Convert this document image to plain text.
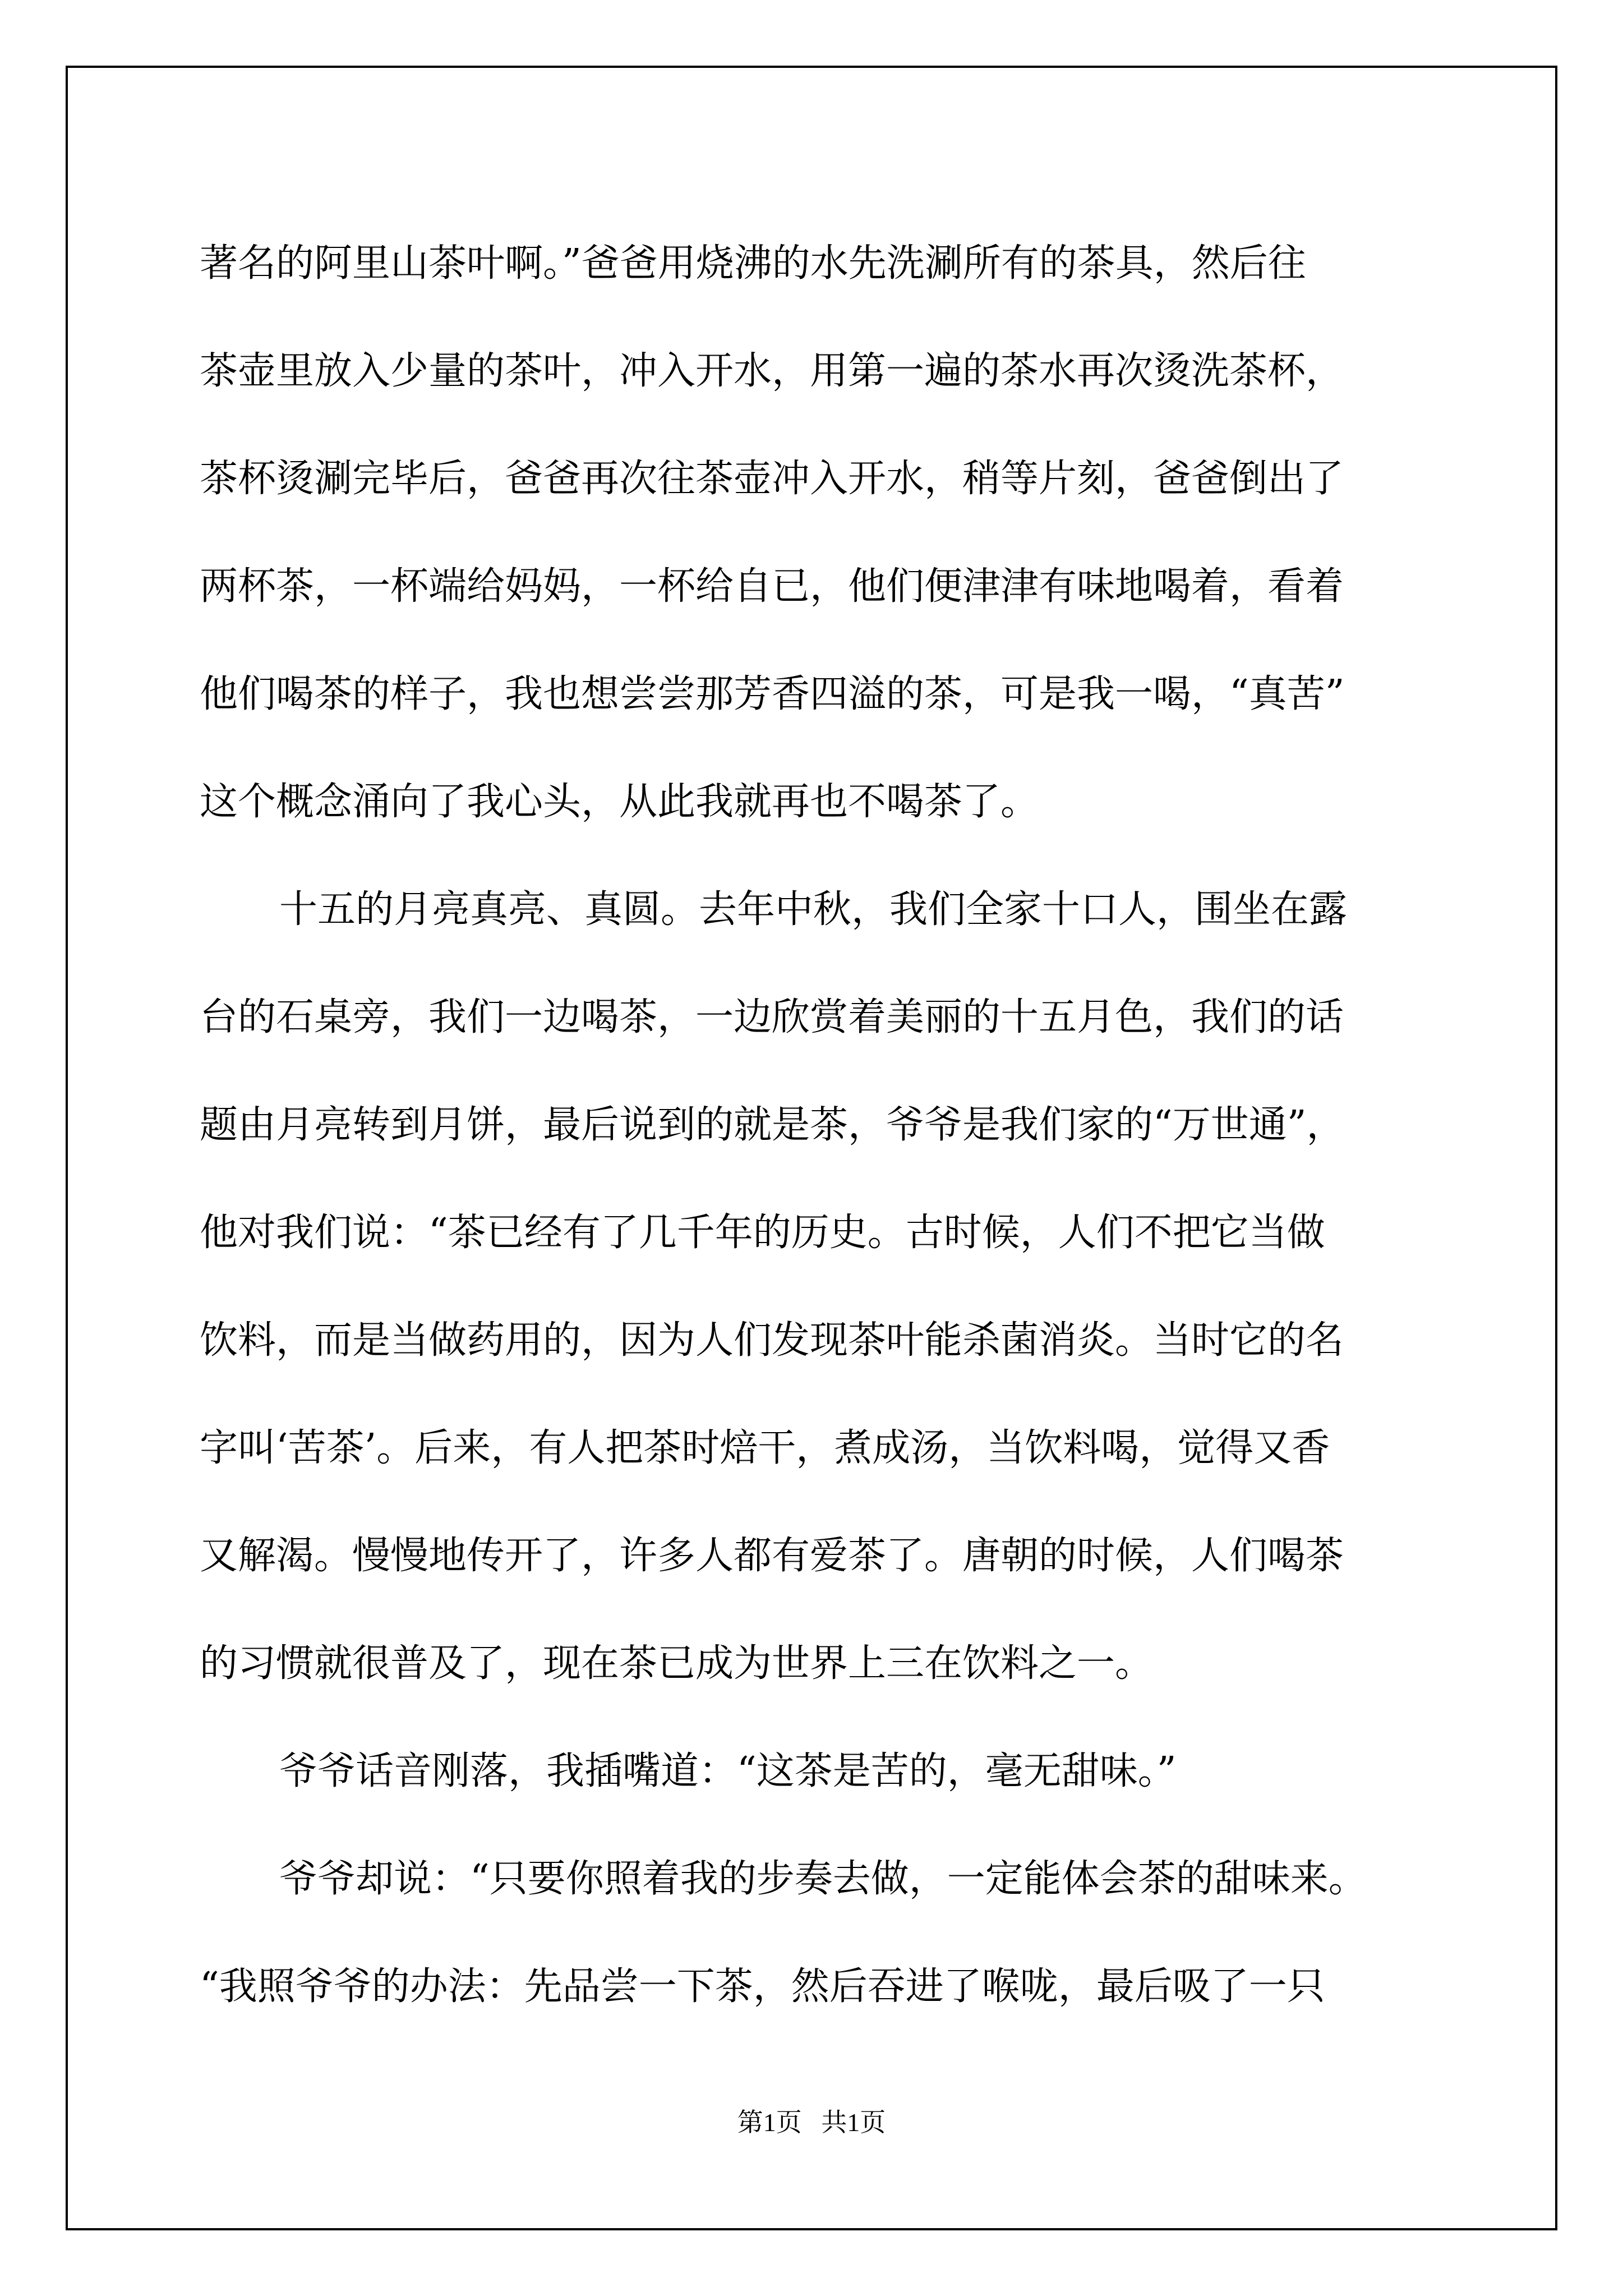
著名的阿里山茶叶啊。”爸爸用烧沸的水先洗涮所有的茶具，然后往

茶壶里放入少量的茶叶，冲入开水，用第一遍的茶水再次烫洗茶杯，

茶杯烫涮完毕后，爸爸再次往茶壶冲入开水，稍等片刻，爸爸倒出了

两杯茶，一杯端给妈妈，一杯给自已，他们便津津有味地喝着，看着

他们喝茶的样子，我也想尝尝那芳香四溢的茶，可是我一喝，“真苦”

这个概念涌向了我心头，从此我就再也不喝茶了。

十五的月亮真亮、真圆。去年中秋，我们全家十口人，围坐在露

台的石桌旁，我们一边喝茶，一边欣赏着美丽的十五月色，我们的话

题由月亮转到月饼，最后说到的就是茶，爷爷是我们家的“万世通”，

他对我们说：“茶已经有了几千年的历史。古时候，人们不把它当做

饮料，而是当做药用的，因为人们发现茶叶能杀菌消炎。当时它的名

字叫‘苦茶’。后来，有人把茶时焙干，煮成汤，当饮料喝，觉得又香

又解渴。慢慢地传开了，许多人都有爱茶了。唐朝的时候，人们喝茶

的习惯就很普及了，现在茶已成为世界上三在饮料之一。

爷爷话音刚落，我插嘴道：“这茶是苦的，毫无甜味。”

爷爷却说：“只要你照着我的步奏去做，一定能体会茶的甜味来。

“我照爷爷的办法：先品尝一下茶，然后吞进了喉咙，最后吸了一只

第1页   共1页
